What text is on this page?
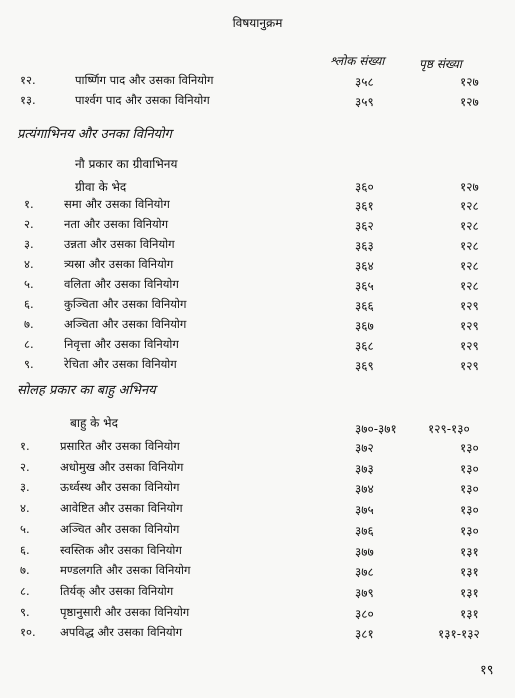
विषयानुक्रम
श्लोक संख्या	पृष्ठ संख्या
१२.	पार्ष्णिग पाद और उसका विनियोग	३५८	१२७
१३.	पार्श्वग पाद और उसका विनियोग	३५९	१२७
प्रत्यंगाभिनय और उनका विनियोग
नौ प्रकार का ग्रीवाभिनय
ग्रीवा के भेद	३६०	१२७
१.	समा और उसका विनियोग	३६१	१२८
२.	नता और उसका विनियोग	३६२	१२८
३.	उन्नता और उसका विनियोग	३६३	१२८
४.	त्र्यस्रा और उसका विनियोग	३६४	१२८
५.	वलिता और उसका विनियोग	३६५	१२८
६.	कुञ्चिता और उसका विनियोग	३६६	१२९
७.	अञ्चिता और उसका विनियोग	३६७	१२९
८.	निवृत्ता और उसका विनियोग	३६८	१२९
९.	रेचिता और उसका विनियोग	३६९	१२९
सोलह प्रकार का बाहु अभिनय
बाहु के भेद	३७०-३७१	१२९-१३०
१.	प्रसारित और उसका विनियोग	३७२	१३०
२.	अधोमुख और उसका विनियोग	३७३	१३०
३.	ऊर्ध्वस्थ और उसका विनियोग	३७४	१३०
४.	आवेष्टित और उसका विनियोग	३७५	१३०
५.	अञ्चित और उसका विनियोग	३७६	१३०
६.	स्वस्तिक और उसका विनियोग	३७७	१३१
७.	मण्डलगति और उसका विनियोग	३७८	१३१
८.	तिर्यक् और उसका विनियोग	३७९	१३१
९.	पृष्ठानुसारी और उसका विनियोग	३८०	१३१
१०. अपविद्ध और उसका विनियोग	३८१	१३१-१३२
१९
